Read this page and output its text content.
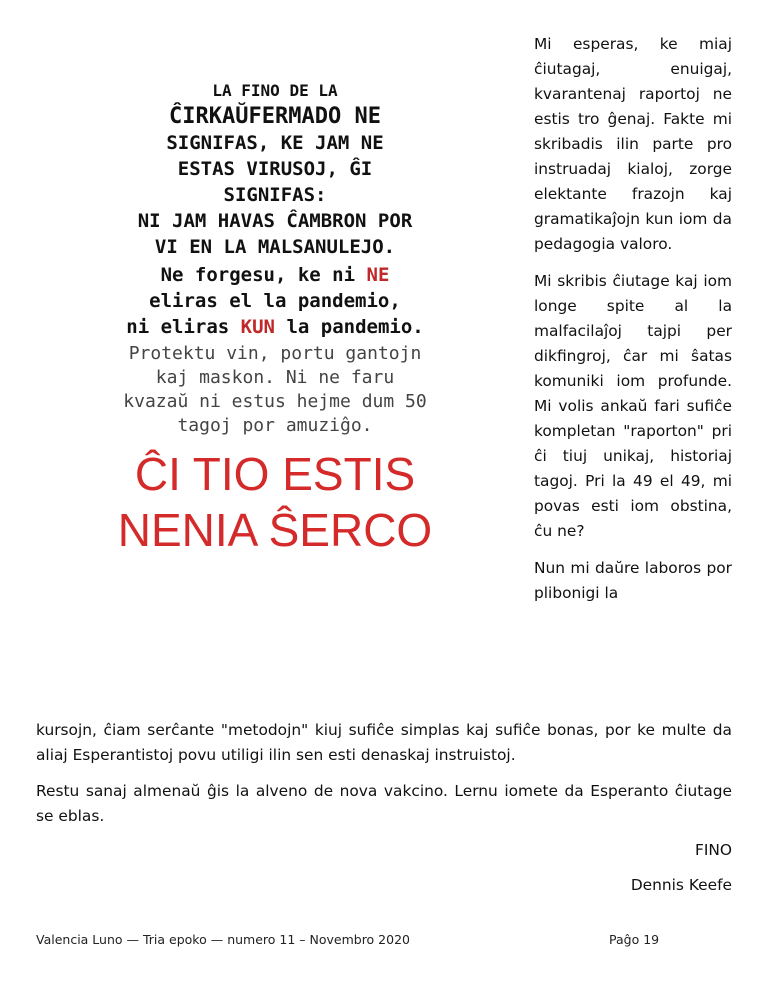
LA FINO DE LA
ĈIRKAŬFERMADO NE
SIGNIFAS, KE JAM NE
ESTAS VIRUSOJ, ĜI
SIGNIFAS:
NI JAM HAVAS ĈAMBRON POR
VI EN LA MALSANULEJO.
Ne forgesu, ke ni NE
eliras el la pandemio,
ni eliras KUN la pandemio.
Protektu vin, portu gantojn
kaj maskon. Ni ne faru
kvazaŭ ni estus hejme dum 50
tagoj por amuziĝo.
ĈI TIO ESTIS
NENIA ŜERCO

Mi esperas, ke miaj ĉiutagaj, enuigaj, kvarantenaj raportoj ne estis tro ĝenaj. Fakte mi skribadis ilin parte pro instruadaj kialoj, zorge elektante frazojn kaj gramatikaĵojn kun iom da pedagogia valoro.

Mi skribis ĉiutage kaj iom longe spite al la malfacilaĵoj tajpi per dikfingroj, ĉar mi ŝatas komuniki iom profunde. Mi volis ankaŭ fari sufiĉe kompletan "raporton" pri ĉi tiuj unikaj, historiaj tagoj. Pri la 49 el 49, mi povas esti iom obstina, ĉu ne?

Nun mi daŭre laboros por plibonigi la

kursojn, ĉiam serĉante "metodojn" kiuj sufiĉe simplas kaj sufiĉe bonas, por ke multe da aliaj Esperantistoj povu utiligi ilin sen esti denaskaj instruistoj.
Restu sanaj almenaŭ ĝis la alveno de nova vakcino. Lernu iomete da Esperanto ĉiutage se eblas.
FINO
Dennis Keefe
Valencia Luno — Tria epoko — numero 11 – Novembro 2020	Paĝo 19
